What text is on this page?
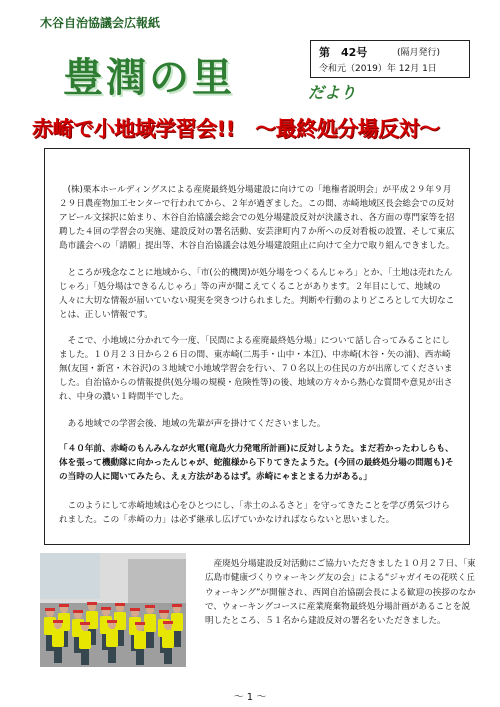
木谷自治協議会広報紙
豊潤の里	だより
第　42号	(隔月発行)
令和元（2019）年 12月 1日
赤崎で小地域学習会!!　～最終処分場反対～

(株)栗本ホールディングスによる産廃最終処分場建設に向けての「地権者説明会」が平成２９年９月２９日農産物加工センターで行われてから、２年が過ぎました。この間、赤崎地域区長会総会での反対アピール文採択に始まり、木谷自治協議会総会での処分場建設反対が決議され、各方面の専門家等を招聘した４回の学習会の実施、建設反対の署名活動、安芸津町内７か所への反対看板の設置、そして東広島市議会への「請願」提出等、木谷自治協議会は処分場建設阻止に向けて全力で取り組んできました。

ところが残念なことに地域から、「市(公的機関)が処分場をつくるんじゃろ」とか、「土地は売れたんじゃろ」「処分場はできるんじゃろ」等の声が聞こえてくることがあります。２年目にして、地域の人々に大切な情報が届いていない現実を突きつけられました。判断や行動のよりどころとして大切なことは、正しい情報です。

そこで、小地域に分かれて今一度、「民間による産廃最終処分場」について話し合ってみることにしました。１０月２３日から２６日の間、東赤崎(二馬手・山中・本江)、中赤崎(木谷・矢の浦)、西赤崎無(友国・新宮・木谷沢)の３地域で小地域学習会を行い、７０名以上の住民の方が出席してくださいました。自治協からの情報提供(処分場の規模・危険性等)の後、地域の方々から熱心な質問や意見が出され、中身の濃い１時間半でした。

ある地域での学習会後、地域の先輩が声を掛けてくださいました。

「４０年前、赤崎のもんみんなが火電(竜島火力発電所計画)に反対しようた。まだ若かったわしらも、体を張って機動隊に向かったんじゃが、蛇龍様から下りてきたようた。(今回の最終処分場の問題も)その当時の人に聞いてみたら、えぇ方法があるはず。赤崎にゃまとまる力がある。」

このようにして赤崎地域は心をひとつにし、「赤土のふるさと」を守ってきたことを学び勇気づけられました。この「赤崎の力」は必ず継承し広げていかなければならないと思いました。

産廃処分場建設反対活動にご協力いただきました１０月２７日、「東広島市健康づくりウォーキング友の会」による“ジャガイモの花咲く丘ウォーキング”が開催され、西岡自治協副会長による歓迎の挨拶のなかで、ウォーキングコースに産業廃棄物最終処分場計画があることを説明したところ、５１名から建設反対の署名をいただきました。

～ 1 ～
